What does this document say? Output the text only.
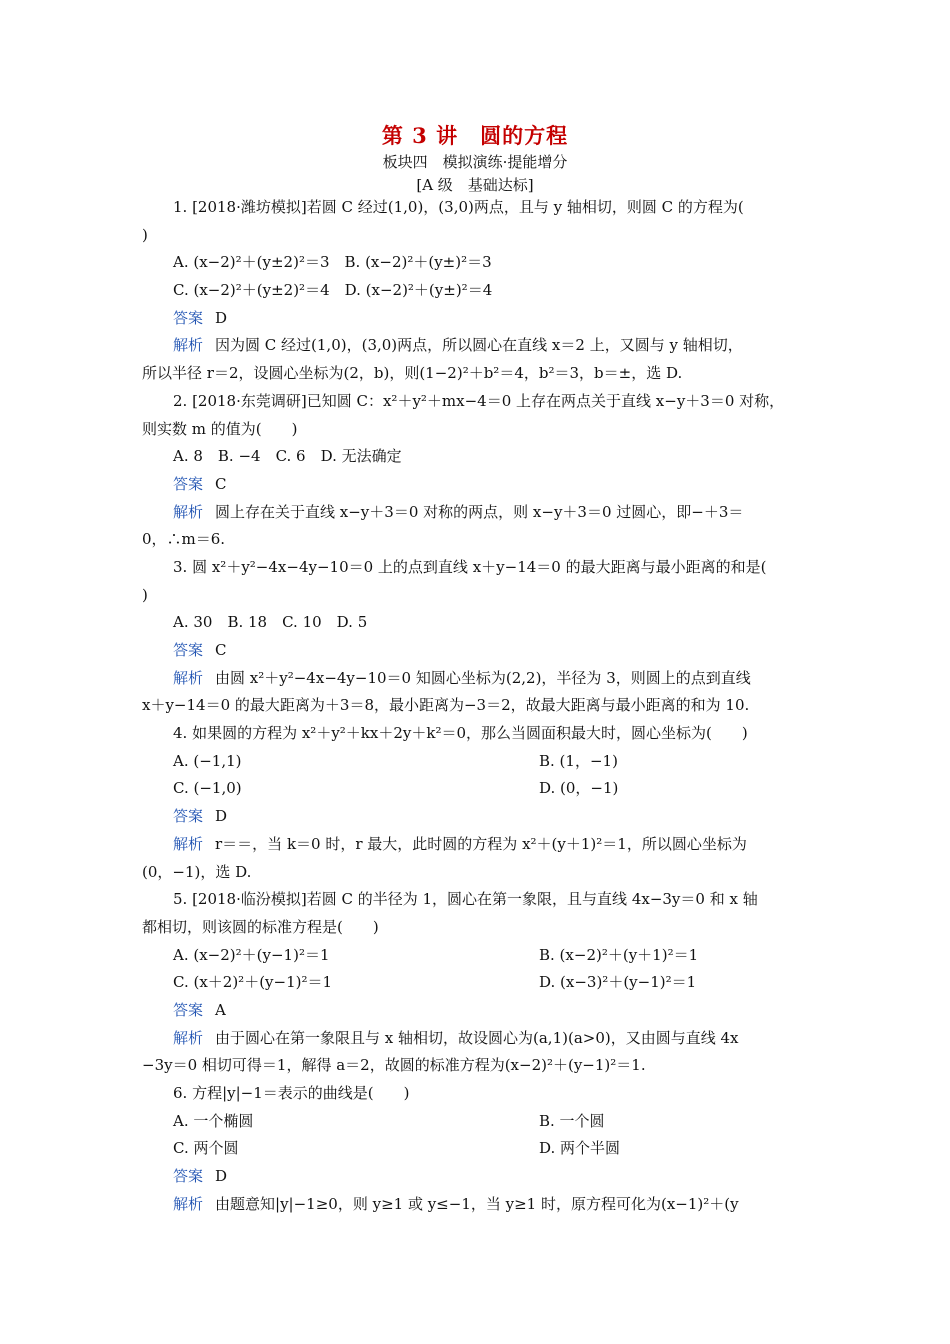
第 3 讲　圆的方程
板块四　模拟演练·提能增分
[A 级　基础达标]
1. [2018·潍坊模拟]若圆 C 经过(1,0)，(3,0)两点，且与 y 轴相切，则圆 C 的方程为(
)
A. (x−2)²＋(y±2)²＝3　B. (x−2)²＋(y±)²＝3
C. (x−2)²＋(y±2)²＝4　D. (x−2)²＋(y±)²＝4
答案 D
解析 因为圆 C 经过(1,0)，(3,0)两点，所以圆心在直线 x＝2 上，又圆与 y 轴相切，
所以半径 r＝2，设圆心坐标为(2，b)，则(1−2)²＋b²＝4，b²＝3，b＝±，选 D.
2. [2018·东莞调研]已知圆 C：x²＋y²＋mx−4＝0 上存在两点关于直线 x−y＋3＝0 对称，
则实数 m 的值为(　　)
A. 8　B. −4　C. 6　D. 无法确定
答案 C
解析 圆上存在关于直线 x−y＋3＝0 对称的两点，则 x−y＋3＝0 过圆心，即−＋3＝
0，∴m＝6.
3. 圆 x²＋y²−4x−4y−10＝0 上的点到直线 x＋y−14＝0 的最大距离与最小距离的和是(
)
A. 30　B. 18　C. 10　D. 5
答案 C
解析 由圆 x²＋y²−4x−4y−10＝0 知圆心坐标为(2,2)，半径为 3，则圆上的点到直线
x＋y−14＝0 的最大距离为＋3＝8，最小距离为−3＝2，故最大距离与最小距离的和为 10.
4. 如果圆的方程为 x²＋y²＋kx＋2y＋k²＝0，那么当圆面积最大时，圆心坐标为(　　)
A. (−1,1)	B. (1，−1)
C. (−1,0)	D. (0，−1)
答案 D
解析 r＝＝，当 k＝0 时，r 最大，此时圆的方程为 x²＋(y＋1)²＝1，所以圆心坐标为
(0，−1)，选 D.
5. [2018·临汾模拟]若圆 C 的半径为 1，圆心在第一象限，且与直线 4x−3y＝0 和 x 轴
都相切，则该圆的标准方程是(　　)
A. (x−2)²＋(y−1)²＝1	B. (x−2)²＋(y＋1)²＝1
C. (x＋2)²＋(y−1)²＝1	D. (x−3)²＋(y−1)²＝1
答案 A
解析 由于圆心在第一象限且与 x 轴相切，故设圆心为(a,1)(a>0)，又由圆与直线 4x
−3y＝0 相切可得＝1，解得 a＝2，故圆的标准方程为(x−2)²＋(y−1)²＝1.
6. 方程|y|−1＝表示的曲线是(　　)
A. 一个椭圆	B. 一个圆
C. 两个圆	D. 两个半圆
答案 D
解析 由题意知|y|−1≥0，则 y≥1 或 y≤−1，当 y≥1 时，原方程可化为(x−1)²＋(y
